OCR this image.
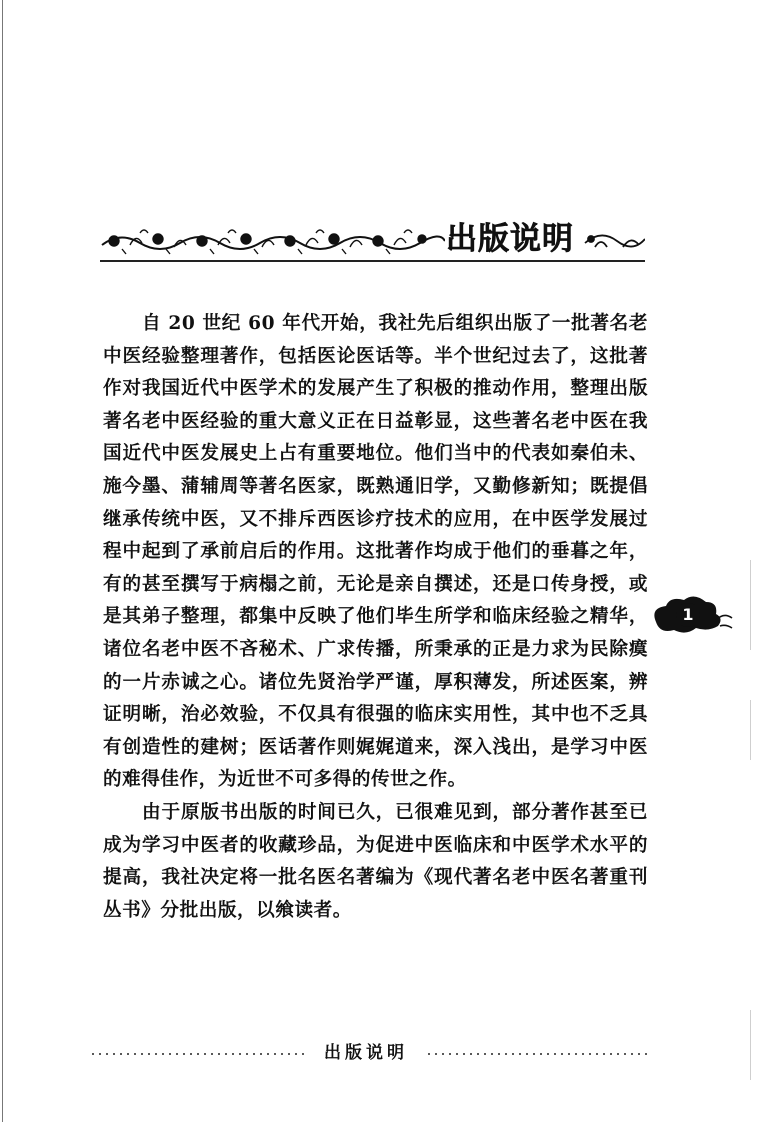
出版说明

自 20 世纪 60 年代开始，我社先后组织出版了一批著名老中医经验整理著作，包括医论医话等。半个世纪过去了，这批著作对我国近代中医学术的发展产生了积极的推动作用，整理出版著名老中医经验的重大意义正在日益彰显，这些著名老中医在我国近代中医发展史上占有重要地位。他们当中的代表如秦伯未、施今墨、蒲辅周等著名医家，既熟通旧学，又勤修新知；既提倡继承传统中医，又不排斥西医诊疗技术的应用，在中医学发展过程中起到了承前启后的作用。这批著作均成于他们的垂暮之年，有的甚至撰写于病榻之前，无论是亲自撰述，还是口传身授，或是其弟子整理，都集中反映了他们毕生所学和临床经验之精华，诸位名老中医不吝秘术、广求传播，所秉承的正是力求为民除瘼的一片赤诚之心。诸位先贤治学严谨，厚积薄发，所述医案，辨证明晰，治必效验，不仅具有很强的临床实用性，其中也不乏具有创造性的建树；医话著作则娓娓道来，深入浅出，是学习中医的难得佳作，为近世不可多得的传世之作。

由于原版书出版的时间已久，已很难见到，部分著作甚至已成为学习中医者的收藏珍品，为促进中医临床和中医学术水平的提高，我社决定将一批名医名著编为《现代著名老中医名著重刊丛书》分批出版，以飨读者。

1
出版说明
